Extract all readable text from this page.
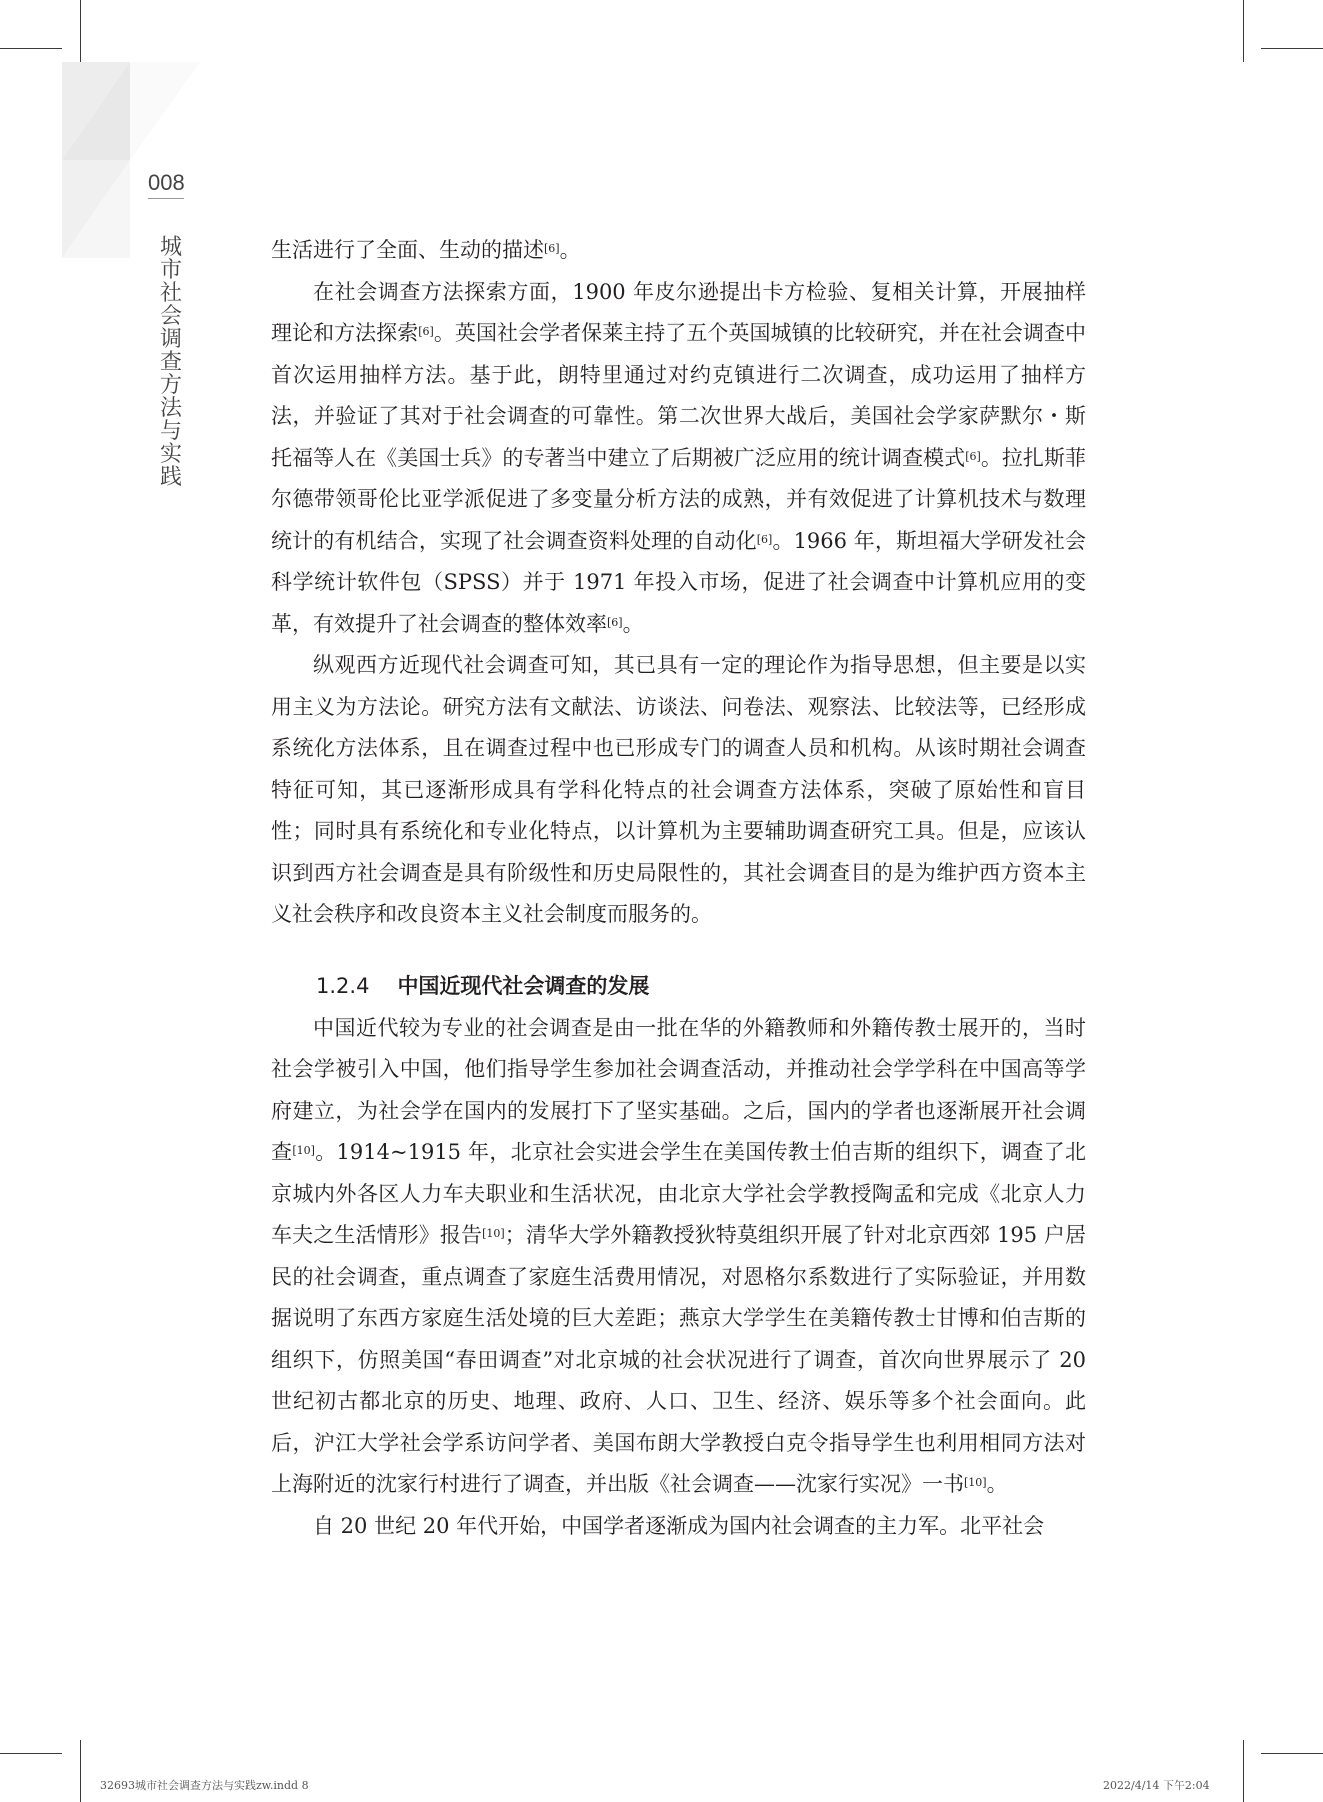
008
城市社会调查方法与实践

生活进行了全面、生动的描述[6]。

在社会调查方法探索方面，1900 年皮尔逊提出卡方检验、复相关计算，开展抽样理论和方法探索[6]。英国社会学者保莱主持了五个英国城镇的比较研究，并在社会调查中首次运用抽样方法。基于此，朗特里通过对约克镇进行二次调查，成功运用了抽样方法，并验证了其对于社会调查的可靠性。第二次世界大战后，美国社会学家萨默尔・斯托福等人在《美国士兵》的专著当中建立了后期被广泛应用的统计调查模式[6]。拉扎斯菲尔德带领哥伦比亚学派促进了多变量分析方法的成熟，并有效促进了计算机技术与数理统计的有机结合，实现了社会调查资料处理的自动化[6]。1966 年，斯坦福大学研发社会科学统计软件包（SPSS）并于 1971 年投入市场，促进了社会调查中计算机应用的变革，有效提升了社会调查的整体效率[6]。

纵观西方近现代社会调查可知，其已具有一定的理论作为指导思想，但主要是以实用主义为方法论。研究方法有文献法、访谈法、问卷法、观察法、比较法等，已经形成系统化方法体系，且在调查过程中也已形成专门的调查人员和机构。从该时期社会调查特征可知，其已逐渐形成具有学科化特点的社会调查方法体系，突破了原始性和盲目性；同时具有系统化和专业化特点，以计算机为主要辅助调查研究工具。但是，应该认识到西方社会调查是具有阶级性和历史局限性的，其社会调查目的是为维护西方资本主义社会秩序和改良资本主义社会制度而服务的。

1.2.4 中国近现代社会调查的发展

中国近代较为专业的社会调查是由一批在华的外籍教师和外籍传教士展开的，当时社会学被引入中国，他们指导学生参加社会调查活动，并推动社会学学科在中国高等学府建立，为社会学在国内的发展打下了坚实基础。之后，国内的学者也逐渐展开社会调查[10]。1914~1915 年，北京社会实进会学生在美国传教士伯吉斯的组织下，调查了北京城内外各区人力车夫职业和生活状况，由北京大学社会学教授陶孟和完成《北京人力车夫之生活情形》报告[10]；清华大学外籍教授狄特莫组织开展了针对北京西郊 195 户居民的社会调查，重点调查了家庭生活费用情况，对恩格尔系数进行了实际验证，并用数据说明了东西方家庭生活处境的巨大差距；燕京大学学生在美籍传教士甘博和伯吉斯的组织下，仿照美国“春田调查”对北京城的社会状况进行了调查，首次向世界展示了 20 世纪初古都北京的历史、地理、政府、人口、卫生、经济、娱乐等多个社会面向。此后，沪江大学社会学系访问学者、美国布朗大学教授白克令指导学生也利用相同方法对上海附近的沈家行村进行了调查，并出版《社会调查——沈家行实况》一书[10]。

自 20 世纪 20 年代开始，中国学者逐渐成为国内社会调查的主力军。北平社会

32693城市社会调查方法与实践zw.indd 8	2022/4/14 下午2:04
